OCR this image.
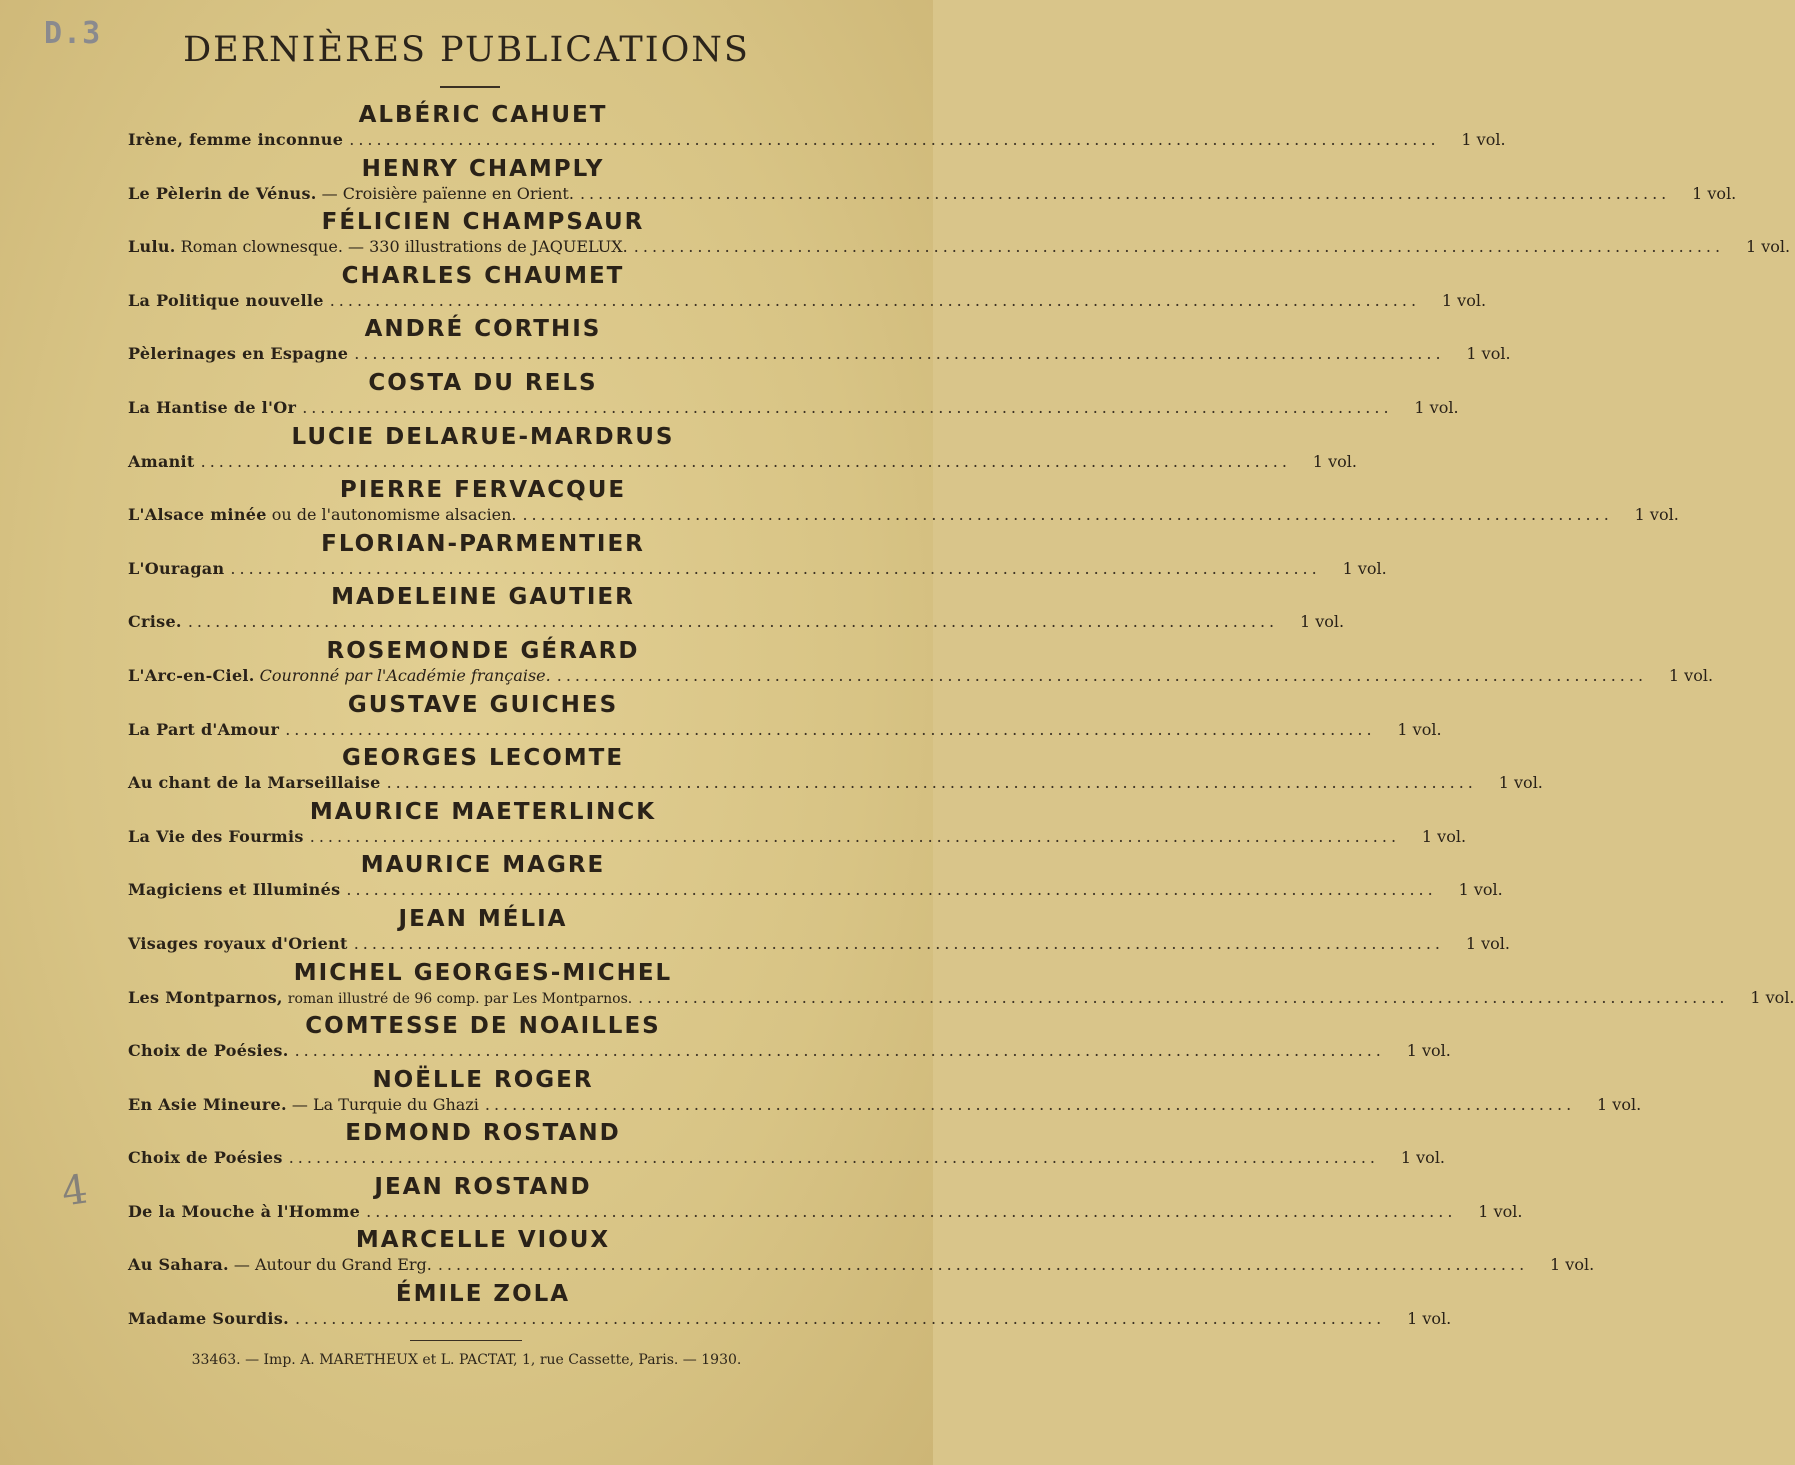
D.3
4
DERNIÈRES PUBLICATIONS
ALBÉRIC CAHUET
Irène, femme inconnue ........................................................................................................................	1 vol.
HENRY CHAMPLY
Le Pèlerin de Vénus. — Croisière païenne en Orient. ........................................................................................................................	1 vol.
FÉLICIEN CHAMPSAUR
Lulu. Roman clownesque. — 330 illustrations de JAQUELUX. ........................................................................................................................	1 vol.
CHARLES CHAUMET
La Politique nouvelle ........................................................................................................................	1 vol.
ANDRÉ CORTHIS
Pèlerinages en Espagne ........................................................................................................................	1 vol.
COSTA DU RELS
La Hantise de l'Or ........................................................................................................................	1 vol.
LUCIE DELARUE-MARDRUS
Amanit ........................................................................................................................	1 vol.
PIERRE FERVACQUE
L'Alsace minée ou de l'autonomisme alsacien. ........................................................................................................................	1 vol.
FLORIAN-PARMENTIER
L'Ouragan ........................................................................................................................	1 vol.
MADELEINE GAUTIER
Crise. ........................................................................................................................	1 vol.
ROSEMONDE GÉRARD
L'Arc-en-Ciel. Couronné par l'Académie française. ........................................................................................................................	1 vol.
GUSTAVE GUICHES
La Part d'Amour ........................................................................................................................	1 vol.
GEORGES LECOMTE
Au chant de la Marseillaise ........................................................................................................................	1 vol.
MAURICE MAETERLINCK
La Vie des Fourmis ........................................................................................................................	1 vol.
MAURICE MAGRE
Magiciens et Illuminés ........................................................................................................................	1 vol.
JEAN MÉLIA
Visages royaux d'Orient ........................................................................................................................	1 vol.
MICHEL GEORGES-MICHEL
Les Montparnos, roman illustré de 96 comp. par Les Montparnos. ........................................................................................................................	1 vol.
COMTESSE DE NOAILLES
Choix de Poésies. ........................................................................................................................	1 vol.
NOËLLE ROGER
En Asie Mineure. — La Turquie du Ghazi ........................................................................................................................	1 vol.
EDMOND ROSTAND
Choix de Poésies ........................................................................................................................	1 vol.
JEAN ROSTAND
De la Mouche à l'Homme ........................................................................................................................	1 vol.
MARCELLE VIOUX
Au Sahara. — Autour du Grand Erg. ........................................................................................................................	1 vol.
ÉMILE ZOLA
Madame Sourdis. ........................................................................................................................	1 vol.
33463. — Imp. A. MARETHEUX et L. PACTAT, 1, rue Cassette, Paris. — 1930.
